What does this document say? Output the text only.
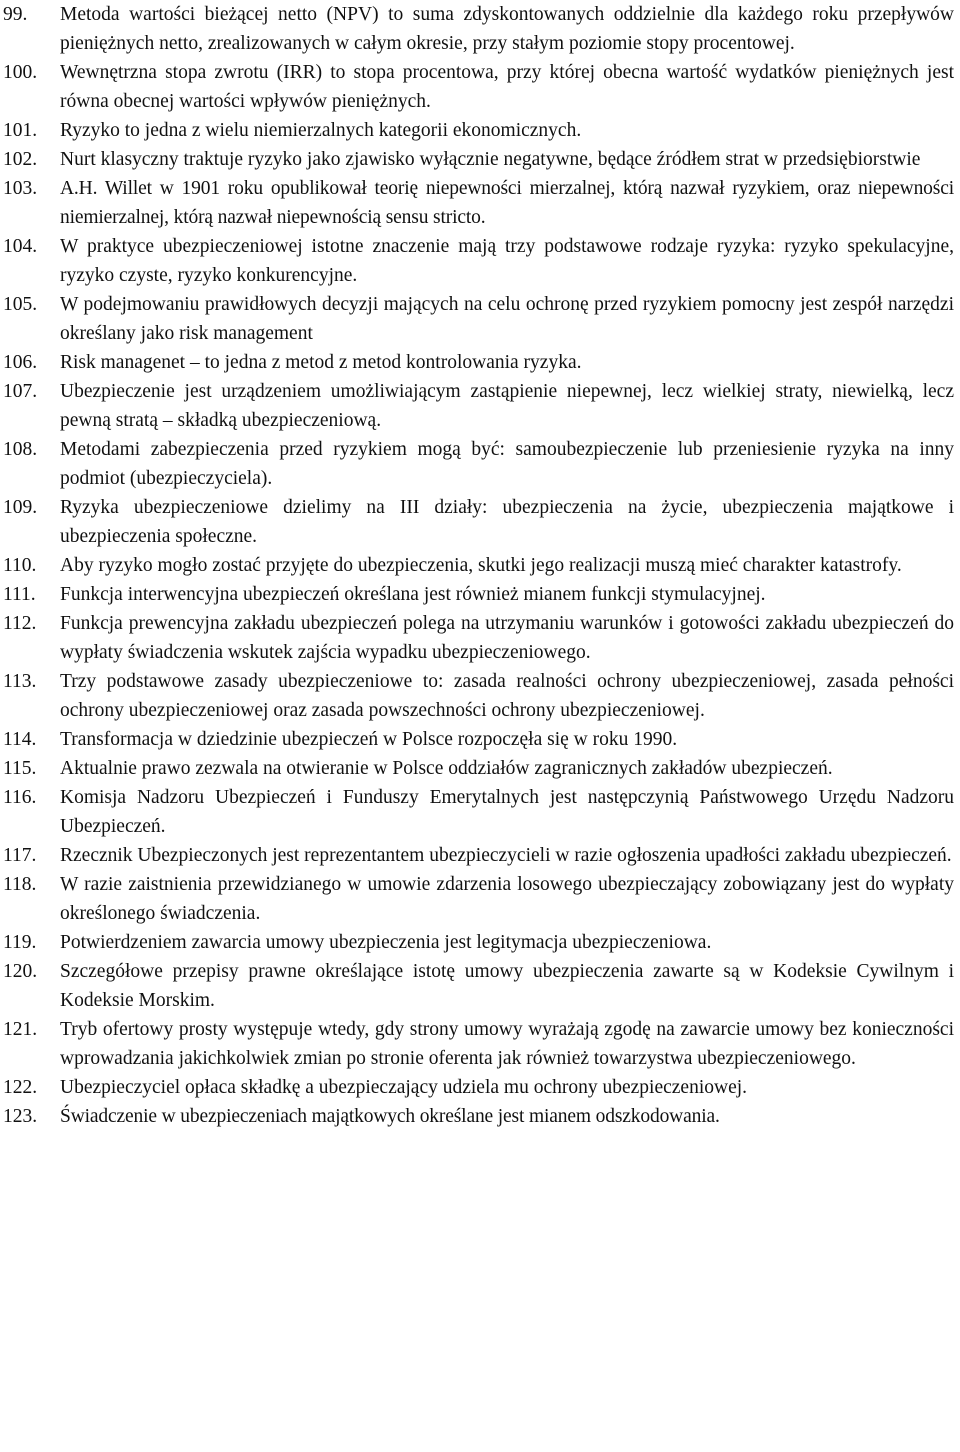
99.	Metoda wartości bieżącej netto (NPV) to suma zdyskontowanych oddzielnie dla każdego roku przepływów pieniężnych netto, zrealizowanych w całym okresie, przy stałym poziomie stopy procentowej.
100.	Wewnętrzna stopa zwrotu (IRR) to stopa procentowa, przy której obecna wartość wydatków pieniężnych jest równa obecnej wartości wpływów pieniężnych.
101.	Ryzyko to jedna z wielu niemierzalnych kategorii ekonomicznych.
102.	Nurt klasyczny traktuje ryzyko jako zjawisko wyłącznie negatywne, będące źródłem strat w przedsiębiorstwie
103.	A.H. Willet w 1901 roku opublikował teorię niepewności mierzalnej, którą nazwał ryzykiem, oraz niepewności niemierzalnej, którą nazwał niepewnością sensu stricto.
104.	W praktyce ubezpieczeniowej istotne znaczenie mają trzy podstawowe rodzaje ryzyka: ryzyko spekulacyjne, ryzyko czyste, ryzyko konkurencyjne.
105.	W podejmowaniu prawidłowych decyzji mających na celu ochronę przed ryzykiem pomocny jest zespół narzędzi określany jako risk management
106.	Risk managenet – to jedna z metod z metod kontrolowania ryzyka.
107.	Ubezpieczenie jest urządzeniem umożliwiającym zastąpienie niepewnej, lecz wielkiej straty, niewielką, lecz pewną stratą – składką ubezpieczeniową.
108.	Metodami zabezpieczenia przed ryzykiem mogą być: samoubezpieczenie lub przeniesienie ryzyka na inny podmiot (ubezpieczyciela).
109.	Ryzyka ubezpieczeniowe dzielimy na III działy: ubezpieczenia na życie, ubezpieczenia majątkowe i ubezpieczenia społeczne.
110.	Aby ryzyko mogło zostać przyjęte do ubezpieczenia, skutki jego realizacji muszą mieć charakter katastrofy.
111.	Funkcja interwencyjna ubezpieczeń określana jest również mianem funkcji stymulacyjnej.
112.	Funkcja prewencyjna zakładu ubezpieczeń polega na utrzymaniu warunków i gotowości zakładu ubezpieczeń do wypłaty świadczenia wskutek zajścia wypadku ubezpieczeniowego.
113.	Trzy podstawowe zasady ubezpieczeniowe to: zasada realności ochrony ubezpieczeniowej, zasada pełności ochrony ubezpieczeniowej oraz zasada powszechności ochrony ubezpieczeniowej.
114.	Transformacja w dziedzinie ubezpieczeń w Polsce rozpoczęła się w roku 1990.
115.	Aktualnie prawo zezwala na otwieranie w Polsce oddziałów zagranicznych zakładów ubezpieczeń.
116.	Komisja Nadzoru Ubezpieczeń i Funduszy Emerytalnych jest następczynią Państwowego Urzędu Nadzoru Ubezpieczeń.
117.	Rzecznik Ubezpieczonych jest reprezentantem ubezpieczycieli w razie ogłoszenia upadłości zakładu ubezpieczeń.
118.	W razie zaistnienia przewidzianego w umowie zdarzenia losowego ubezpieczający zobowiązany jest do wypłaty określonego świadczenia.
119.	Potwierdzeniem zawarcia umowy ubezpieczenia jest legitymacja ubezpieczeniowa.
120.	Szczegółowe przepisy prawne określające istotę umowy ubezpieczenia zawarte są w Kodeksie Cywilnym i Kodeksie Morskim.
121.	Tryb ofertowy prosty występuje wtedy, gdy strony umowy wyrażają zgodę na zawarcie umowy bez konieczności wprowadzania jakichkolwiek zmian po stronie oferenta jak również towarzystwa ubezpieczeniowego.
122.	Ubezpieczyciel opłaca składkę a ubezpieczający udziela mu ochrony ubezpieczeniowej.
123.	Świadczenie w ubezpieczeniach majątkowych określane jest mianem odszkodowania.
